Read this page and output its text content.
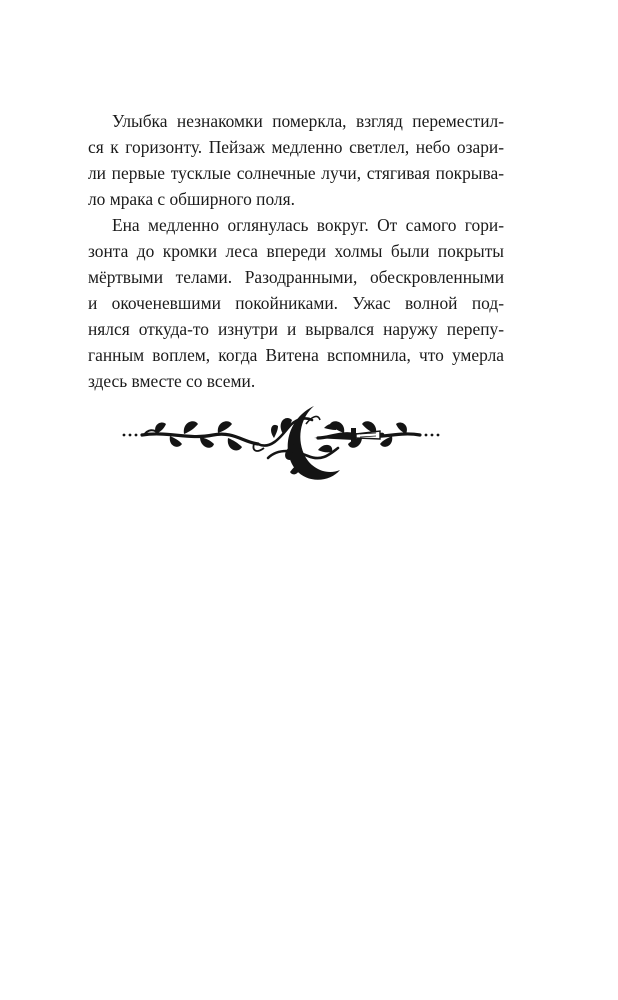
Улыбка незнакомки померкла, взгляд переместил-
ся к горизонту. Пейзаж медленно светлел, небо озари-
ли первые тусклые солнечные лучи, стягивая покрыва-
ло мрака с обширного поля.
Ена медленно оглянулась вокруг. От самого гори-
зонта до кромки леса впереди холмы были покрыты
мёртвыми телами. Разодранными, обескровленными
и окоченевшими покойниками. Ужас волной под-
нялся откуда-то изнутри и вырвался наружу перепу-
ганным воплем, когда Витена вспомнила, что умерла
здесь вместе со всеми.
